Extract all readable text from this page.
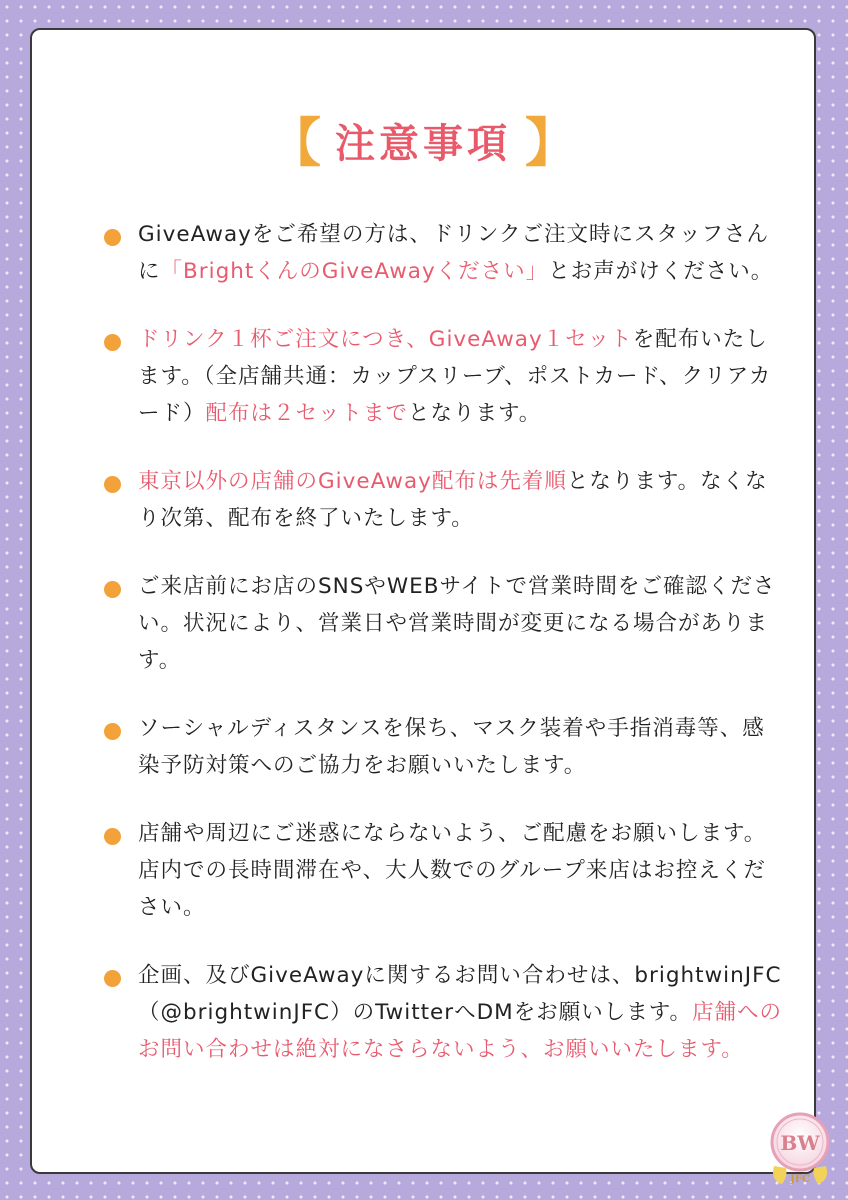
【 注意事項 】
GiveAwayをご希望の方は、ドリンクご注文時にスタッフさんに「BrightくんのGiveAwayください」とお声がけください。
ドリンク１杯ご注文につき、GiveAway１セットを配布いたします。（全店舗共通：カップスリーブ、ポストカード、クリアカード）配布は２セットまでとなります。
東京以外の店舗のGiveAway配布は先着順となります。なくなり次第、配布を終了いたします。
ご来店前にお店のSNSやWEBサイトで営業時間をご確認ください。状況により、営業日や営業時間が変更になる場合があります。
ソーシャルディスタンスを保ち、マスク装着や手指消毒等、感染予防対策へのご協力をお願いいたします。
店舗や周辺にご迷惑にならないよう、ご配慮をお願いします。店内での長時間滞在や、大人数でのグループ来店はお控えください。
企画、及びGiveAwayに関するお問い合わせは、brightwinJFC（@brightwinJFC）のTwitterへDMをお願いします。店舗へのお問い合わせは絶対になさらないよう、お願いいたします。
BW
JFC
